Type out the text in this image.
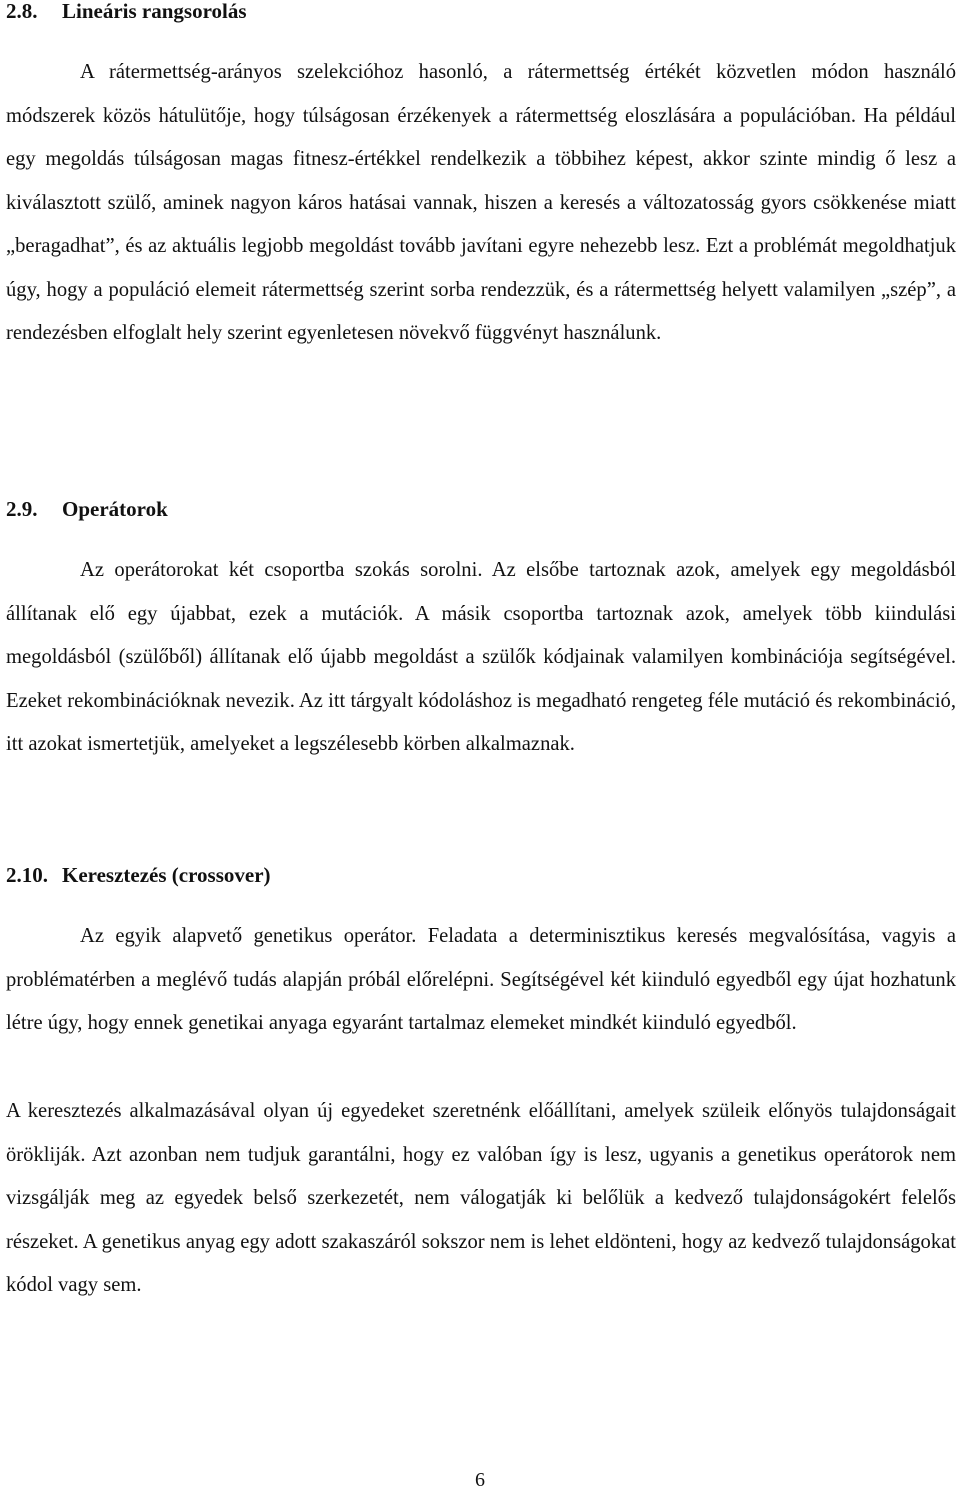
2.8. Lineáris rangsorolás

A rátermettség-arányos szelekcióhoz hasonló, a rátermettség értékét közvetlen módon használó módszerek közös hátulütője, hogy túlságosan érzékenyek a rátermettség eloszlására a populációban. Ha például egy megoldás túlságosan magas fitnesz-értékkel rendelkezik a többihez képest, akkor szinte mindig ő lesz a kiválasztott szülő, aminek nagyon káros hatásai vannak, hiszen a keresés a változatosság gyors csökkenése miatt „beragadhat”, és az aktuális legjobb megoldást tovább javítani egyre nehezebb lesz. Ezt a problémát megoldhatjuk úgy, hogy a populáció elemeit rátermettség szerint sorba rendezzük, és a rátermettség helyett valamilyen „szép”, a rendezésben elfoglalt hely szerint egyenletesen növekvő függvényt használunk.

2.9. Operátorok

Az operátorokat két csoportba szokás sorolni. Az elsőbe tartoznak azok, amelyek egy megoldásból állítanak elő egy újabbat, ezek a mutációk. A másik csoportba tartoznak azok, amelyek több kiindulási megoldásból (szülőből) állítanak elő újabb megoldást a szülők kódjainak valamilyen kombinációja segítségével. Ezeket rekombinációknak nevezik. Az itt tárgyalt kódoláshoz is megadható rengeteg féle mutáció és rekombináció, itt azokat ismertetjük, amelyeket a legszélesebb körben alkalmaznak.

2.10. Keresztezés (crossover)

Az egyik alapvető genetikus operátor. Feladata a determinisztikus keresés megvalósítása, vagyis a problématérben a meglévő tudás alapján próbál előrelépni. Segítségével két kiinduló egyedből egy újat hozhatunk létre úgy, hogy ennek genetikai anyaga egyaránt tartalmaz elemeket mindkét kiinduló egyedből.

A keresztezés alkalmazásával olyan új egyedeket szeretnénk előállítani, amelyek szüleik előnyös tulajdonságait örökliják. Azt azonban nem tudjuk garantálni, hogy ez valóban így is lesz, ugyanis a genetikus operátorok nem vizsgálják meg az egyedek belső szerkezetét, nem válogatják ki belőlük a kedvező tulajdonságokért felelős részeket. A genetikus anyag egy adott szakaszáról sokszor nem is lehet eldönteni, hogy az kedvező tulajdonságokat kódol vagy sem.

6
